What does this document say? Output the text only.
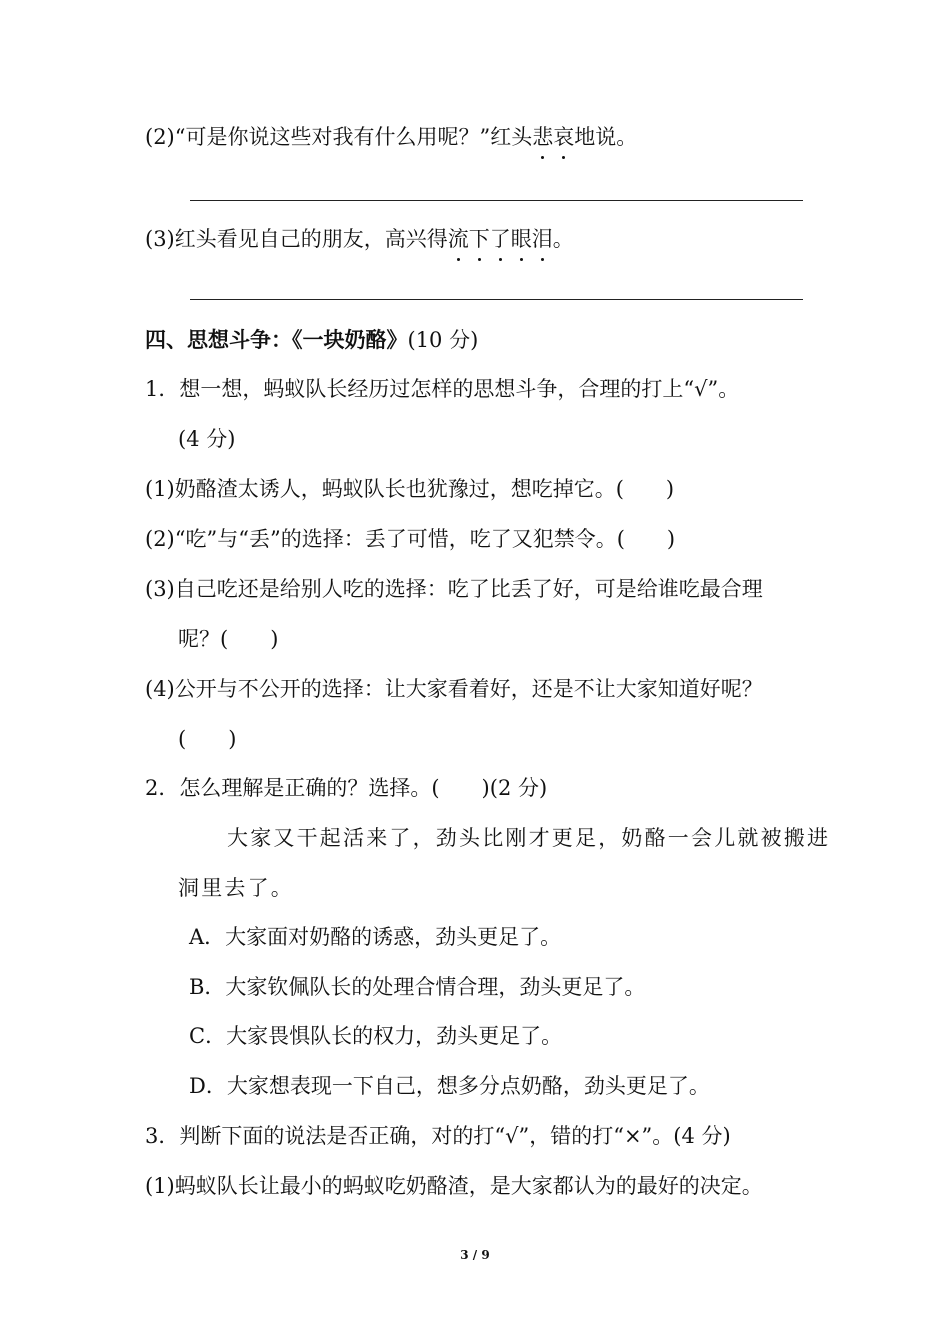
(2)“可是你说这些对我有什么用呢？”红头悲哀地说。
(3)红头看见自己的朋友，高兴得流下了眼泪。
四、思想斗争：《一块奶酪》(10 分)
1．想一想，蚂蚁队长经历过怎样的思想斗争，合理的打上“√”。
(4 分)
(1)奶酪渣太诱人，蚂蚁队长也犹豫过，想吃掉它。(　　)
(2)“吃”与“丢”的选择：丢了可惜，吃了又犯禁令。(　　)
(3)自己吃还是给别人吃的选择：吃了比丢了好，可是给谁吃最合理
呢？(　　)
(4)公开与不公开的选择：让大家看着好，还是不让大家知道好呢？
(　　)
2．怎么理解是正确的？选择。(　　)(2 分)
大家又干起活来了，劲头比刚才更足，奶酪一会儿就被搬进
洞里去了。
A．大家面对奶酪的诱惑，劲头更足了。
B．大家钦佩队长的处理合情合理，劲头更足了。
C．大家畏惧队长的权力，劲头更足了。
D．大家想表现一下自己，想多分点奶酪，劲头更足了。
3．判断下面的说法是否正确，对的打“√”，错的打“×”。(4 分)
(1)蚂蚁队长让最小的蚂蚁吃奶酪渣，是大家都认为的最好的决定。
3 / 9
